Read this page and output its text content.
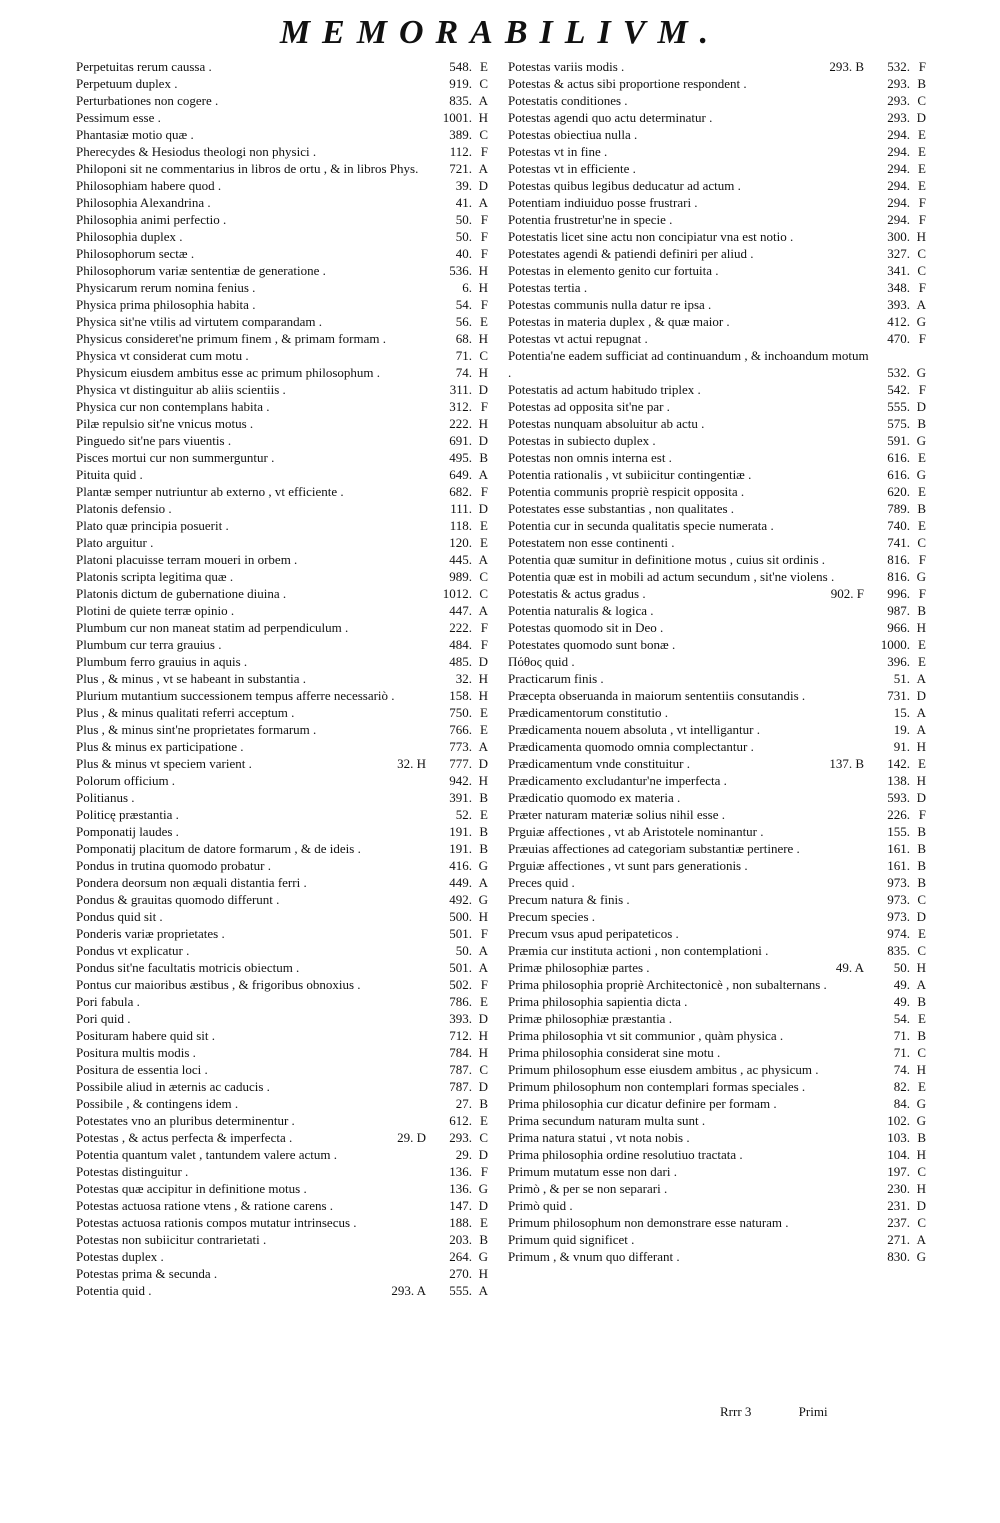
MEMORABILIVM.
Perpetuitas rerum caussa .	548. E
Perpetuum duplex .	919. C
Perturbationes non cogere .	835. A
Pessimum esse .	1001. H
Phantasiæ motio quæ .	389. C
Pherecydes & Hesiodus theologi non physici .	112. F
Philoponi sit ne commentarius in libros de ortu , & in libros Phys.	721. A
Philosophiam habere quod .	39. D
Philosophia Alexandrina .	41. A
Philosophia animi perfectio .	50. F
Philosophia duplex .	50. F
Philosophorum sectæ .	40. F
Philosophorum variæ sententiæ de generatione .	536. H
Physicarum rerum nomina fenius .	6. H
Physica prima philosophia habita .	54. F
Physica sit'ne vtilis ad virtutem comparandam .	56. E
Physicus consideret'ne primum finem , & primam formam .	68. H
Physica vt considerat cum motu .	71. C
Physicum eiusdem ambitus esse ac primum philosophum .	74. H
Physica vt distinguitur ab aliis scientiis .	311. D
Physica cur non contemplans habita .	312. F
Pilæ repulsio sit'ne vnicus motus .	222. H
Pinguedo sit'ne pars viuentis .	691. D
Pisces mortui cur non summerguntur .	495. B
Pituita quid .	649. A
Plantæ semper nutriuntur ab externo , vt efficiente .	682. F
Platonis defensio .	111. D
Plato quæ principia posuerit .	118. E
Plato arguitur .	120. E
Platoni placuisse terram moueri in orbem .	445. A
Platonis scripta legitima quæ .	989. C
Platonis dictum de gubernatione diuina .	1012. C
Plotini de quiete terræ opinio .	447. A
Plumbum cur non maneat statim ad perpendiculum .	222. F
Plumbum cur terra grauius .	484. F
Plumbum ferro grauius in aquis .	485. D
Plus , & minus , vt se habeant in substantia .	32. H
Plurium mutantium successionem tempus afferre necessariò .	158. H
Plus , & minus qualitati referri acceptum .	750. E
Plus , & minus sint'ne proprietates formarum .	766. E
Plus & minus ex participatione .	773. A
Plus & minus vt speciem varient .	32. H 777. D
Polorum officium .	942. H
Politianus .	391. B
Politicę præstantia .	52. E
Pomponatij laudes .	191. B
Pomponatij placitum de datore formarum , & de ideis .	191. B
Pondus in trutina quomodo probatur .	416. G
Pondera deorsum non æquali distantia ferri .	449. A
Pondus & grauitas quomodo differunt .	492. G
Pondus quid sit .	500. H
Ponderis variæ proprietates .	501. F
Pondus vt explicatur .	50. A
Pondus sit'ne facultatis motricis obiectum .	501. A
Pontus cur maioribus æstibus , & frigoribus obnoxius .	502. F
Pori fabula .	786. E
Pori quid .	393. D
Posituram habere quid sit .	712. H
Positura multis modis .	784. H
Positura de essentia loci .	787. C
Possibile aliud in æternis ac caducis .	787. D
Possibile , & contingens idem .	27. B
Potestates vno an pluribus determinentur .	612. E
Potestas , & actus perfecta & imperfecta .	29. D 293. C
Potentia quantum valet , tantundem valere actum .	29. D
Potestas distinguitur .	136. F
Potestas quæ accipitur in definitione motus .	136. G
Potestas actuosa ratione vtens , & ratione carens .	147. D
Potestas actuosa rationis compos mutatur intrinsecus .	188. E
Potestas non subiicitur contrarietati .	203. B
Potestas duplex .	264. G
Potestas prima & secunda .	270. H
Potentia quid .	293. A 555. A
Potestas variis modis .	293. B 532. F
Potestas & actus sibi proportione respondent .	293. B
Potestatis conditiones .	293. C
Potestas agendi quo actu determinatur .	293. D
Potestas obiectiua nulla .	294. E
Potestas vt in fine .	294. E
Potestas vt in efficiente .	294. E
Potestas quibus legibus deducatur ad actum .	294. E
Potentiam indiuiduo posse frustrari .	294. F
Potentia frustretur'ne in specie .	294. F
Potestatis licet sine actu non concipiatur vna est notio .	300. H
Potestates agendi & patiendi definiri per aliud .	327. C
Potestas in elemento genito cur fortuita .	341. C
Potestas tertia .	348. F
Potestas communis nulla datur re ipsa .	393. A
Potestas in materia duplex , & quæ maior .	412. G
Potestas vt actui repugnat .	470. F
Potentia'ne eadem sufficiat ad continuandum , & inchoandum motum .	532. G
Potestatis ad actum habitudo triplex .	542. F
Potestas ad opposita sit'ne par .	555. D
Potestas nunquam absoluitur ab actu .	575. B
Potestas in subiecto duplex .	591. G
Potestas non omnis interna est .	616. E
Potentia rationalis , vt subiicitur contingentiæ .	616. G
Potentia communis propriè respicit opposita .	620. E
Potestates esse substantias , non qualitates .	789. B
Potentia cur in secunda qualitatis specie numerata .	740. E
Potestatem non esse continenti .	741. C
Potentia quæ sumitur in definitione motus , cuius sit ordinis .	816. F
Potentia quæ est in mobili ad actum secundum , sit'ne violens .	816. G
Potestatis & actus gradus .	902. F 996. F
Potentia naturalis & logica .	987. B
Potestas quomodo sit in Deo .	966. H
Potestates quomodo sunt bonæ .	1000. E
Πόθος quid .	396. E
Practicarum finis .	51. A
Præcepta obseruanda in maiorum sententiis consutandis .	731. D
Prædicamentorum constitutio .	15. A
Prædicamenta nouem absoluta , vt intelligantur .	19. A
Prædicamenta quomodo omnia complectantur .	91. H
Prædicamentum vnde constituitur .	137. B 142. E
Prædicamento excludantur'ne imperfecta .	138. H
Prædicatio quomodo ex materia .	593. D
Præter naturam materiæ solius nihil esse .	226. F
Prguiæ affectiones , vt ab Aristotele nominantur .	155. B
Præuias affectiones ad categoriam substantiæ pertinere .	161. B
Prguiæ affectiones , vt sunt pars generationis .	161. B
Preces quid .	973. B
Precum natura & finis .	973. C
Precum species .	973. D
Precum vsus apud peripateticos .	974. E
Præmia cur instituta actioni , non contemplationi .	835. C
Primæ philosophiæ partes .	49. A 50. H
Prima philosophia propriè Architectonicè , non subalternans .	49. A
Prima philosophia sapientia dicta .	49. B
Primæ philosophiæ præstantia .	54. E
Prima philosophia vt sit communior , quàm physica .	71. B
Prima philosophia considerat sine motu .	71. C
Primum philosophum esse eiusdem ambitus , ac physicum .	74. H
Primum philosophum non contemplari formas speciales .	82. E
Prima philosophia cur dicatur definire per formam .	84. G
Prima secundum naturam multa sunt .	102. G
Prima natura statui , vt nota nobis .	103. B
Prima philosophia ordine resolutiuo tractata .	104. H
Primum mutatum esse non dari .	197. C
Primò , & per se non separari .	230. H
Primò quid .	231. D
Primum philosophum non demonstrare esse naturam .	237. C
Primum quid significet .	271. A
Primum , & vnum quo differant .	830. G
Rrrr 3	Primi
